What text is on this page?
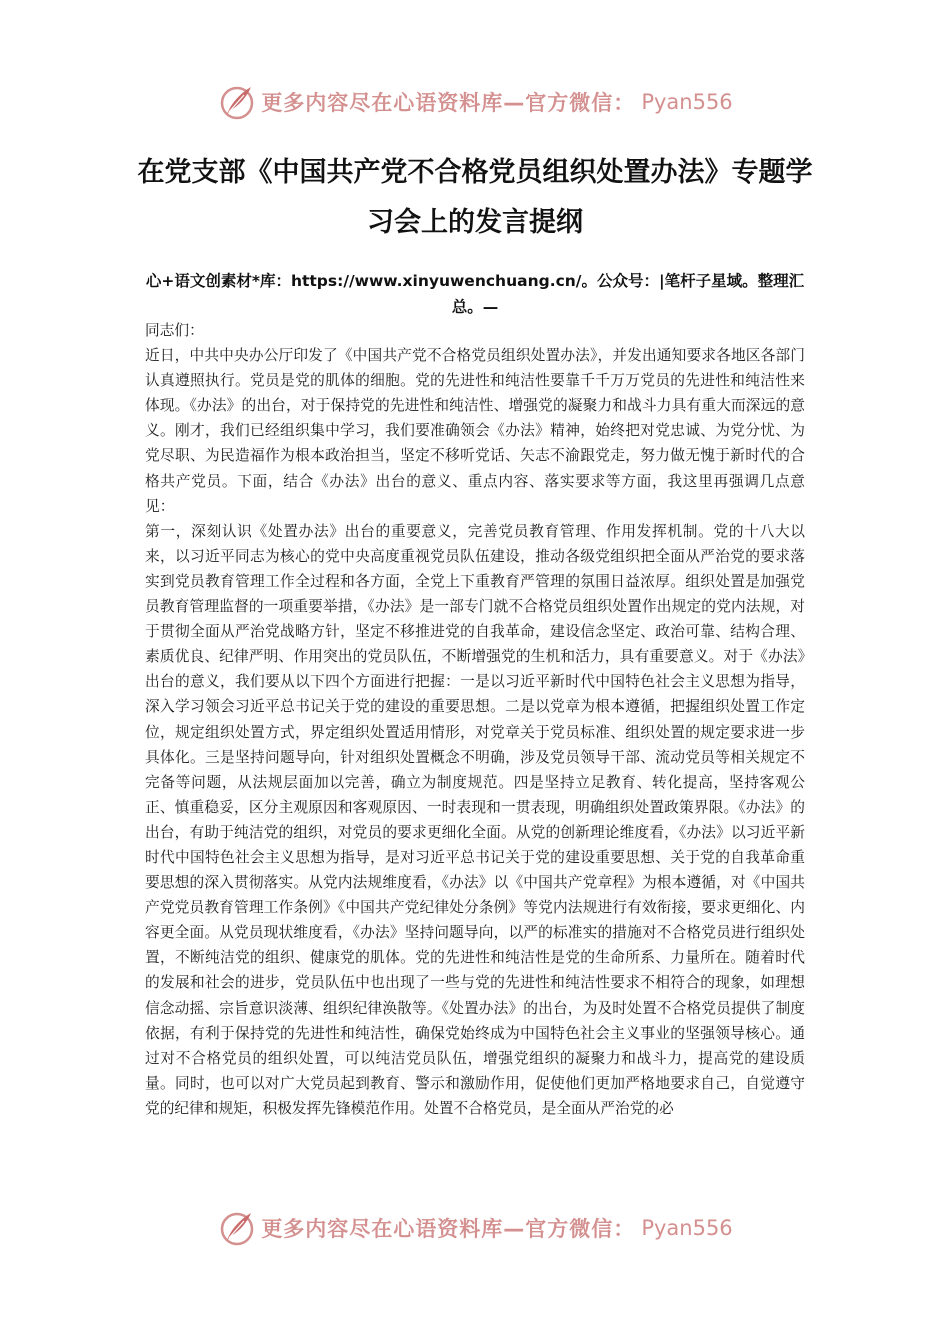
更多内容尽在心语资料库—官方微信： Pyan556
在党支部《中国共产党不合格党员组织处置办法》专题学习会上的发言提纲
心+语文创素材*库：https://www.xinyuwenchuang.cn/。公众号：|笔杆子星域。整理汇总。—

同志们：

近日，中共中央办公厅印发了《中国共产党不合格党员组织处置办法》，并发出通知要求各地区各部门认真遵照执行。党员是党的肌体的细胞。党的先进性和纯洁性要靠千千万万党员的先进性和纯洁性来体现。《办法》的出台，对于保持党的先进性和纯洁性、增强党的凝聚力和战斗力具有重大而深远的意义。刚才，我们已经组织集中学习，我们要准确领会《办法》精神，始终把对党忠诚、为党分忧、为党尽职、为民造福作为根本政治担当，坚定不移听党话、矢志不渝跟党走，努力做无愧于新时代的合格共产党员。下面，结合《办法》出台的意义、重点内容、落实要求等方面，我这里再强调几点意见：

第一，深刻认识《处置办法》出台的重要意义，完善党员教育管理、作用发挥机制。党的十八大以来，以习近平同志为核心的党中央高度重视党员队伍建设，推动各级党组织把全面从严治党的要求落实到党员教育管理工作全过程和各方面，全党上下重教育严管理的氛围日益浓厚。组织处置是加强党员教育管理监督的一项重要举措，《办法》是一部专门就不合格党员组织处置作出规定的党内法规，对于贯彻全面从严治党战略方针，坚定不移推进党的自我革命，建设信念坚定、政治可靠、结构合理、素质优良、纪律严明、作用突出的党员队伍，不断增强党的生机和活力，具有重要意义。对于《办法》出台的意义，我们要从以下四个方面进行把握：一是以习近平新时代中国特色社会主义思想为指导，深入学习领会习近平总书记关于党的建设的重要思想。二是以党章为根本遵循，把握组织处置工作定位，规定组织处置方式，界定组织处置适用情形，对党章关于党员标准、组织处置的规定要求进一步具体化。三是坚持问题导向，针对组织处置概念不明确，涉及党员领导干部、流动党员等相关规定不完备等问题，从法规层面加以完善，确立为制度规范。四是坚持立足教育、转化提高，坚持客观公正、慎重稳妥，区分主观原因和客观原因、一时表现和一贯表现，明确组织处置政策界限。《办法》的出台，有助于纯洁党的组织，对党员的要求更细化全面。从党的创新理论维度看，《办法》以习近平新时代中国特色社会主义思想为指导，是对习近平总书记关于党的建设重要思想、关于党的自我革命重要思想的深入贯彻落实。从党内法规维度看，《办法》以《中国共产党章程》为根本遵循，对《中国共产党党员教育管理工作条例》《中国共产党纪律处分条例》等党内法规进行有效衔接，要求更细化、内容更全面。从党员现状维度看，《办法》坚持问题导向，以严的标准实的措施对不合格党员进行组织处置，不断纯洁党的组织、健康党的肌体。党的先进性和纯洁性是党的生命所系、力量所在。随着时代的发展和社会的进步，党员队伍中也出现了一些与党的先进性和纯洁性要求不相符合的现象，如理想信念动摇、宗旨意识淡薄、组织纪律涣散等。《处置办法》的出台，为及时处置不合格党员提供了制度依据，有利于保持党的先进性和纯洁性，确保党始终成为中国特色社会主义事业的坚强领导核心。通过对不合格党员的组织处置，可以纯洁党员队伍，增强党组织的凝聚力和战斗力，提高党的建设质量。同时，也可以对广大党员起到教育、警示和激励作用，促使他们更加严格地要求自己，自觉遵守党的纪律和规矩，积极发挥先锋模范作用。处置不合格党员，是全面从严治党的必

更多内容尽在心语资料库—官方微信： Pyan556
